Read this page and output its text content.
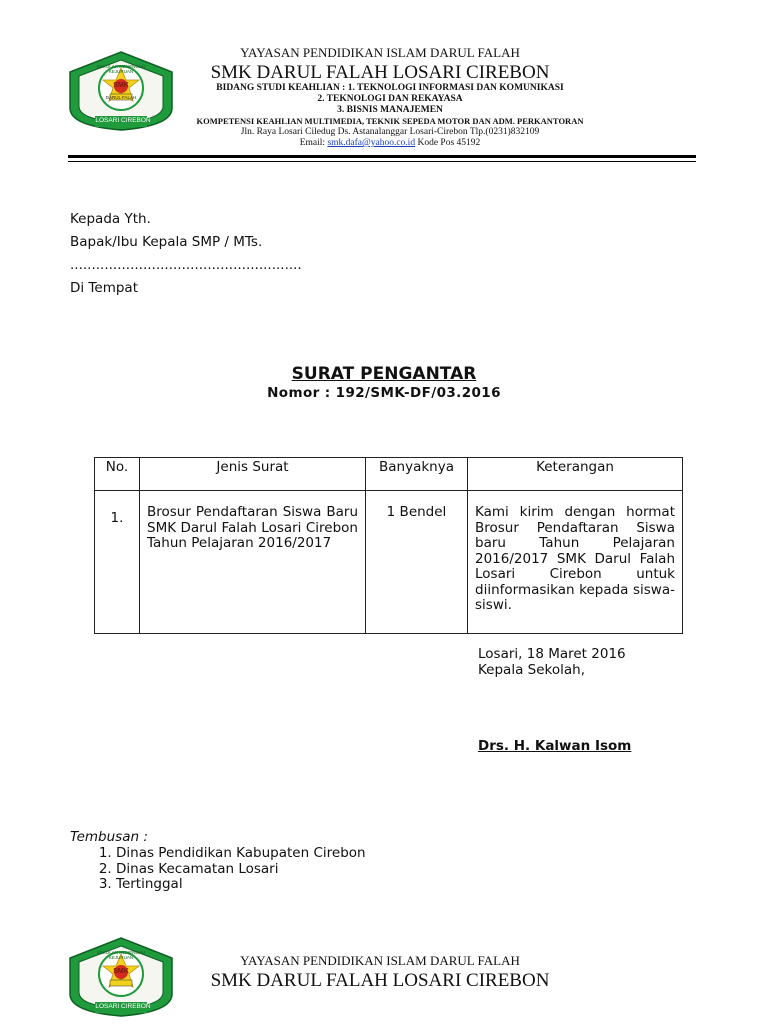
SMK
DARUL FALAH
SEKOLAH MENENGAH KEJURUAN
LOSARI CIREBON
YAYASAN PENDIDIKAN ISLAM DARUL FALAH
SMK DARUL FALAH LOSARI CIREBON
BIDANG STUDI KEAHLIAN : 1. TEKNOLOGI INFORMASI DAN KOMUNIKASI
2. TEKNOLOGI DAN REKAYASA
3. BISNIS MANAJEMEN
KOMPETENSI KEAHLIAN MULTIMEDIA, TEKNIK SEPEDA MOTOR DAN ADM. PERKANTORAN
Jln. Raya Losari Ciledug Ds. Astanalanggar Losari-Cirebon Tlp.(0231)832109
Email: smk.dafa@yahoo.co.id Kode Pos 45192
Kepada Yth.
Bapak/Ibu Kepala SMP / MTs.
......................................................
Di Tempat
SURAT PENGANTAR
Nomor : 192/SMK-DF/03.2016
No.	Jenis Surat	Banyaknya	Keterangan
1.	Brosur Pendaftaran Siswa Baru SMK Darul Falah Losari Cirebon Tahun Pelajaran 2016/2017	1 Bendel	Kami kirim dengan hormat Brosur Pendaftaran Siswa baru Tahun Pelajaran 2016/2017 SMK Darul Falah Losari Cirebon untuk diinformasikan kepada siswa-siswi.
Losari, 18 Maret 2016
Kepala Sekolah,
Drs. H. Kalwan Isom
Tembusan :
1. Dinas Pendidikan Kabupaten Cirebon
2. Dinas Kecamatan Losari
3. Tertinggal
SMK
SEKOLAH MENENGAH KEJURUAN
LOSARI CIREBON
YAYASAN PENDIDIKAN ISLAM DARUL FALAH
SMK DARUL FALAH LOSARI CIREBON
